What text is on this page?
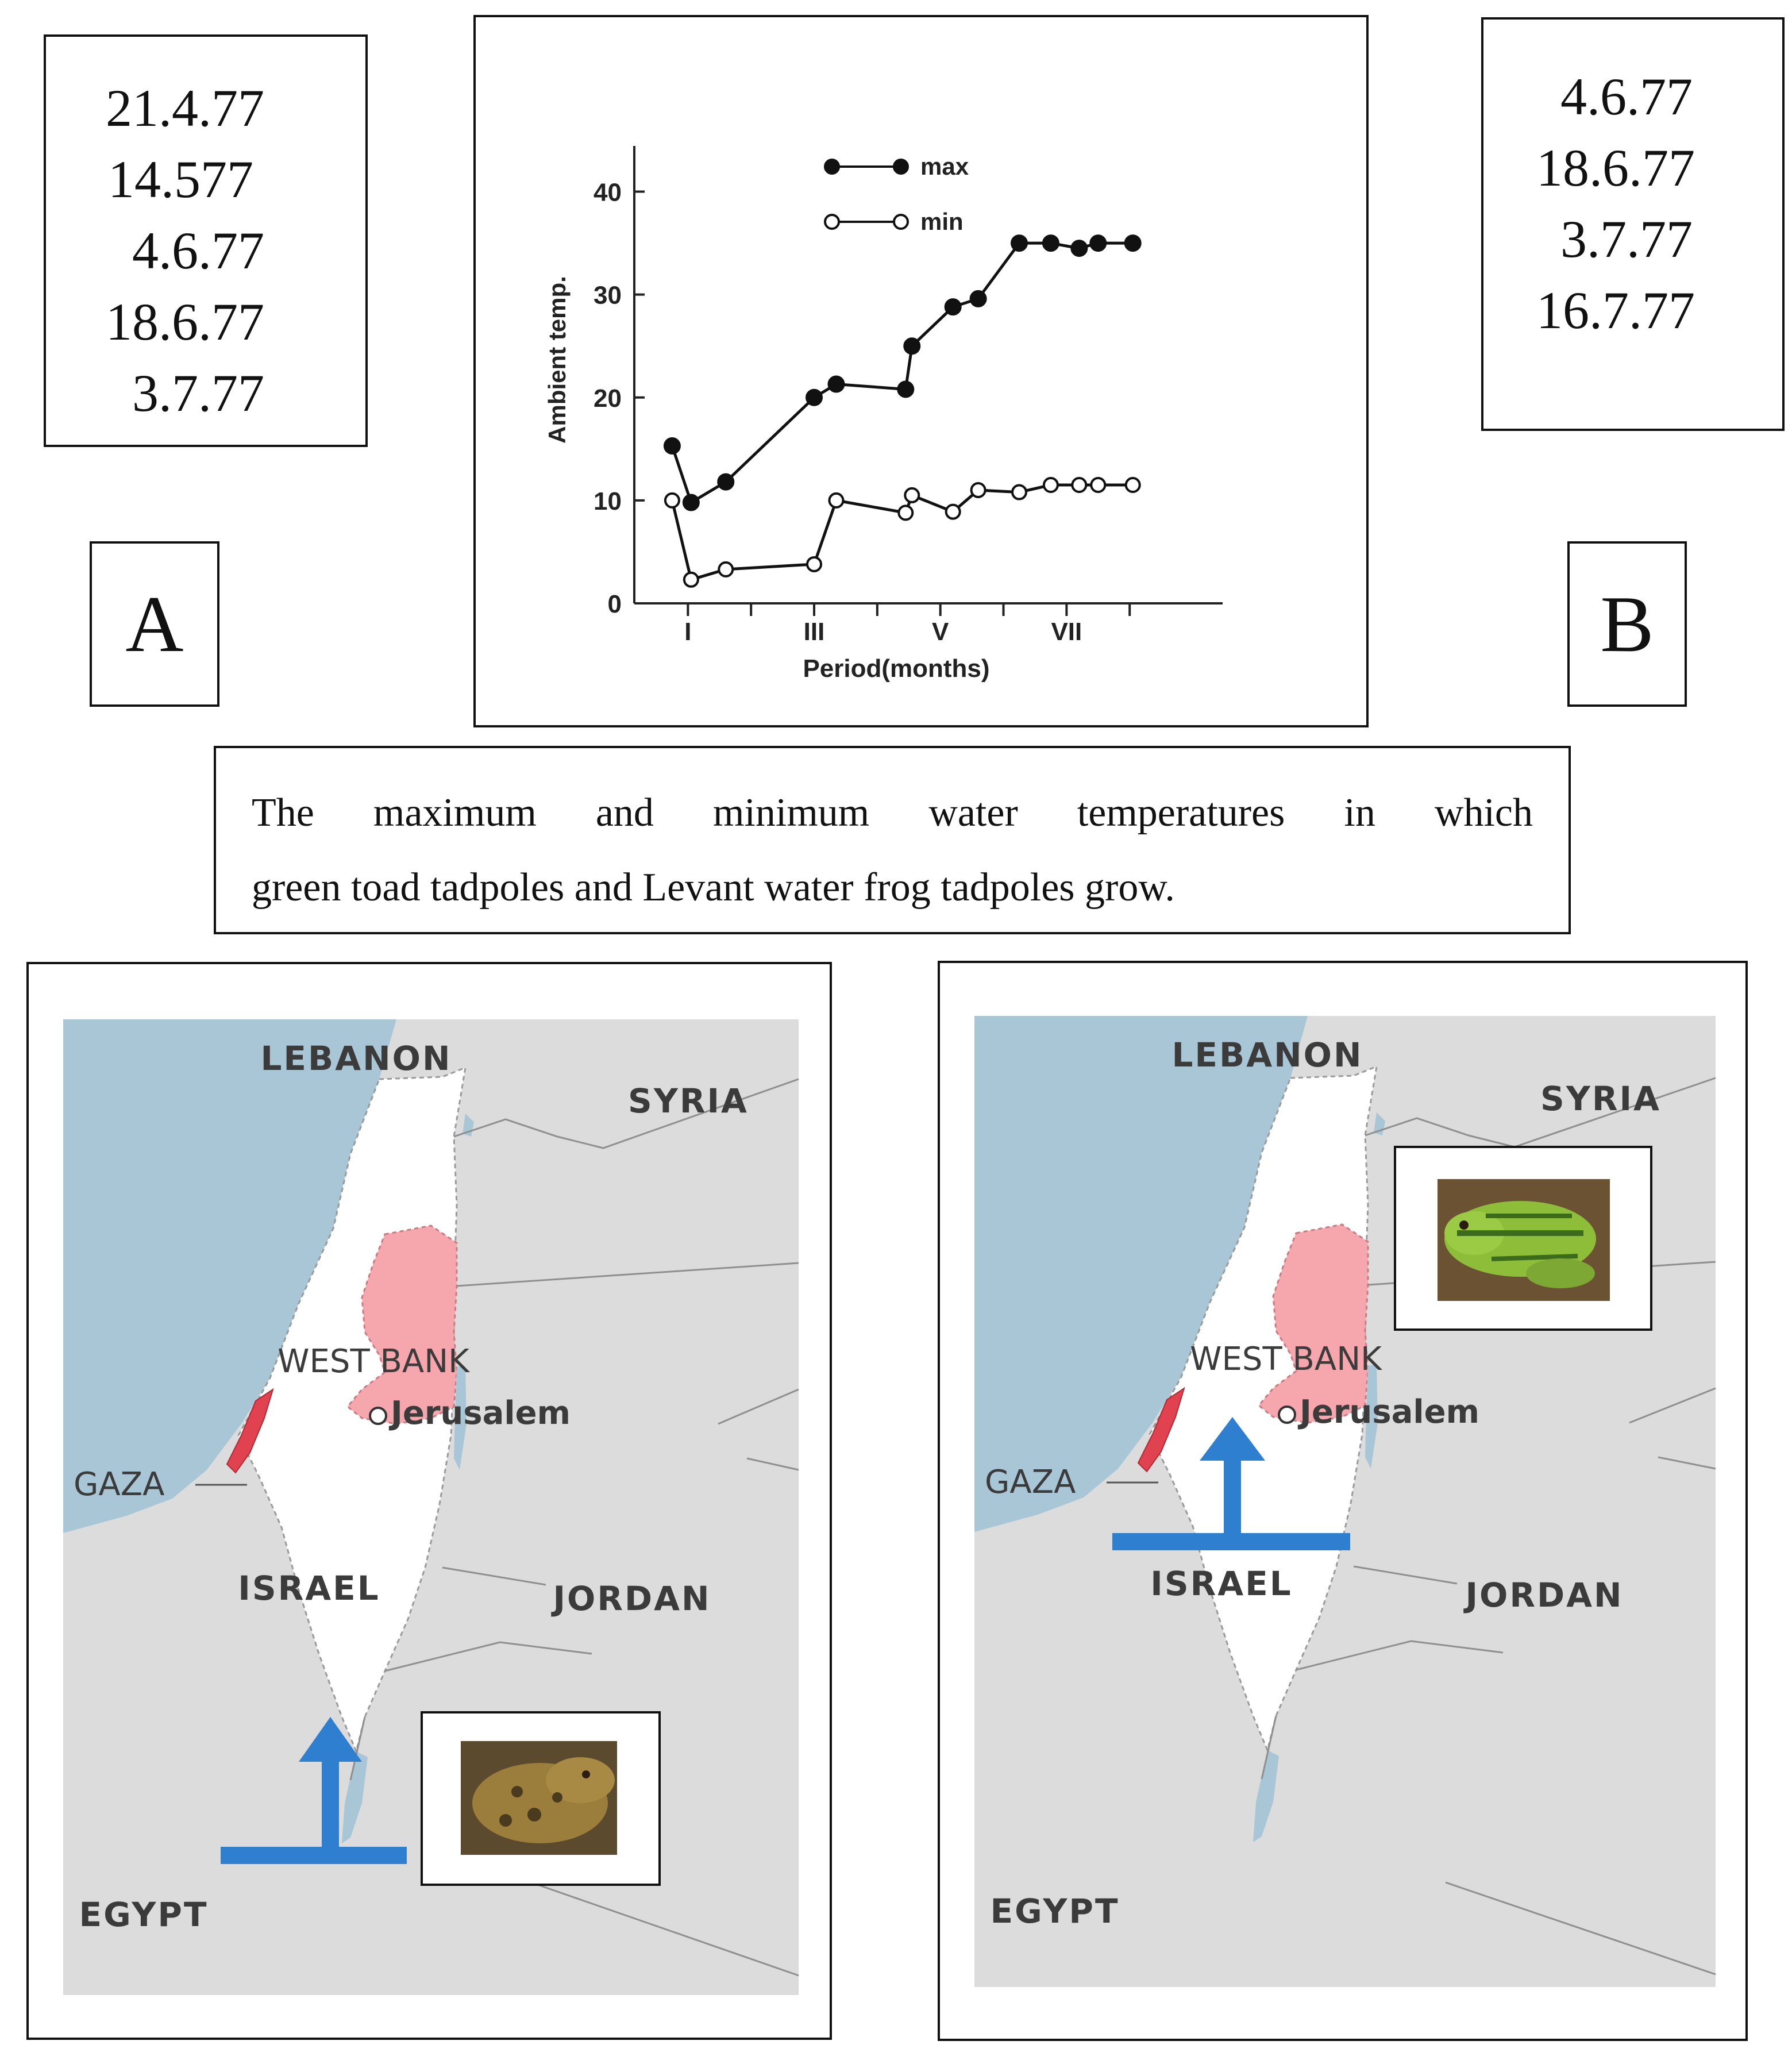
21.4.77
14.577
4.6.77
18.6.77
3.7.77
4.6.77
18.6.77
3.7.77
16.7.77
A	B
0
10
20
30
40
I	III	V	VII
max
min
Ambient temp.
Period(months)
The maximum and minimum water temperatures in which
green toad tadpoles and Levant water frog tadpoles grow.
LEBANON
SYRIA
WEST BANK
Jerusalem
GAZA
ISRAEL	JORDAN
EGYPT
LEBANON
SYRIA
WEST BANK
Jerusalem
GAZA
ISRAEL	JORDAN
EGYPT
